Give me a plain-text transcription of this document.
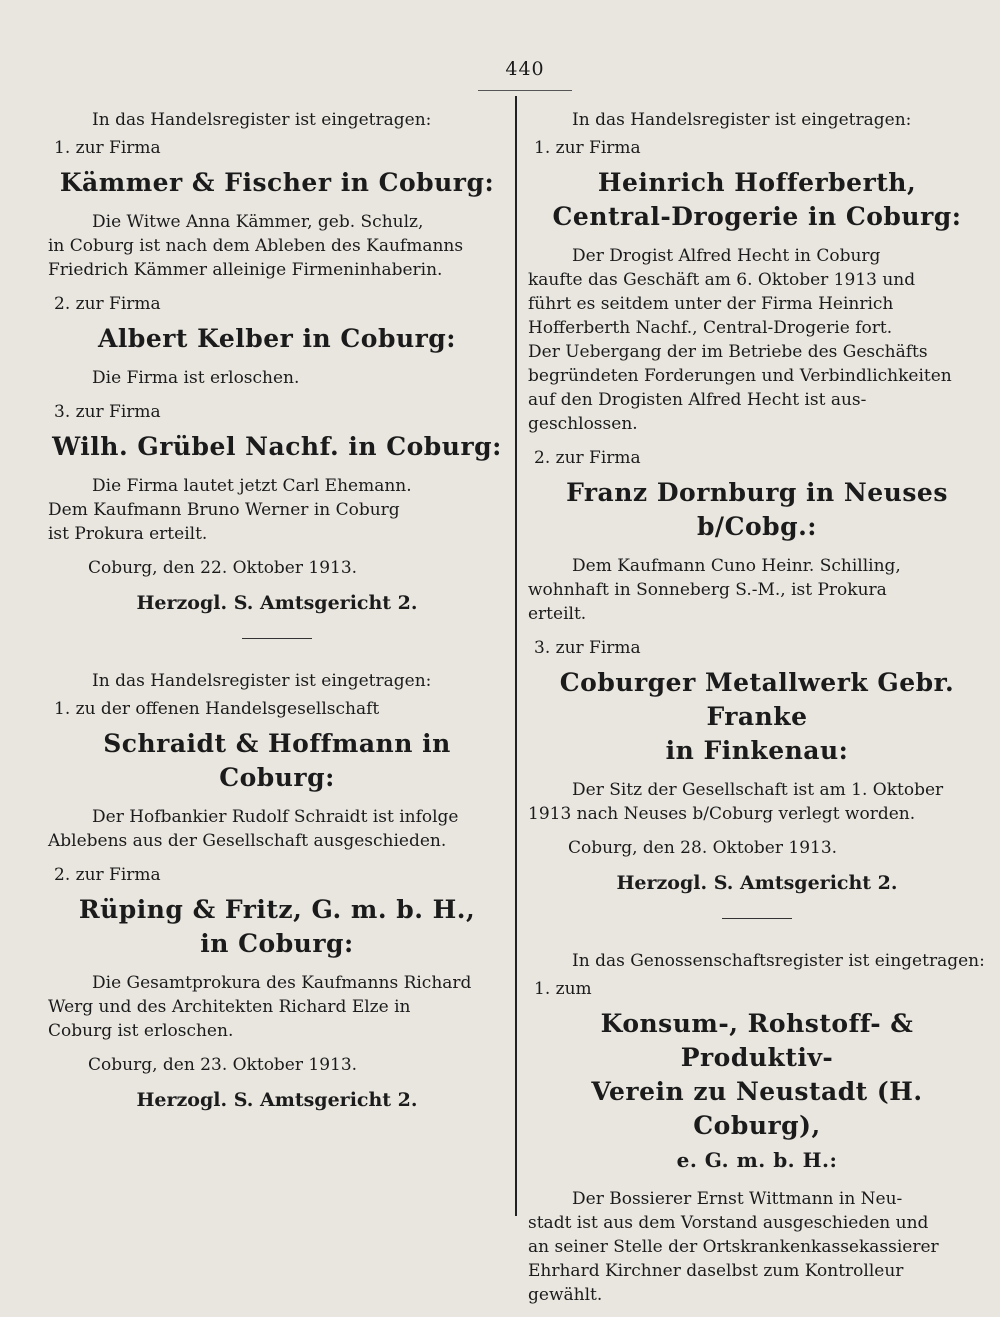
440
In das Handelsregister ist eingetragen:
1. zur Firma
Kämmer & Fischer in Coburg:
Die Witwe Anna Kämmer, geb. Schulz,
in Coburg ist nach dem Ableben des Kaufmanns
Friedrich Kämmer alleinige Firmeninhaberin.
2. zur Firma
Albert Kelber in Coburg:
Die Firma ist erloschen.
3. zur Firma
Wilh. Grübel Nachf. in Coburg:
Die Firma lautet jetzt Carl Ehemann.
Dem Kaufmann Bruno Werner in Coburg
ist Prokura erteilt.
Coburg, den 22. Oktober 1913.
Herzogl. S. Amtsgericht 2.
In das Handelsregister ist eingetragen:
1. zu der offenen Handelsgesellschaft
Schraidt & Hoffmann in Coburg:
Der Hofbankier Rudolf Schraidt ist infolge
Ablebens aus der Gesellschaft ausgeschieden.
2. zur Firma
Rüping & Fritz, G. m. b. H.,
in Coburg:
Die Gesamtprokura des Kaufmanns Richard
Werg und des Architekten Richard Elze in
Coburg ist erloschen.
Coburg, den 23. Oktober 1913.
Herzogl. S. Amtsgericht 2.
In das Handelsregister ist eingetragen:
1. zur Firma
Heinrich Hofferberth,
Central-Drogerie in Coburg:
Der Drogist Alfred Hecht in Coburg
kaufte das Geschäft am 6. Oktober 1913 und
führt es seitdem unter der Firma Heinrich
Hofferberth Nachf., Central-Drogerie fort.
Der Uebergang der im Betriebe des Geschäfts
begründeten Forderungen und Verbindlichkeiten
auf den Drogisten Alfred Hecht ist aus-
geschlossen.
2. zur Firma
Franz Dornburg in Neuses b/Cobg.:
Dem Kaufmann Cuno Heinr. Schilling,
wohnhaft in Sonneberg S.-M., ist Prokura
erteilt.
3. zur Firma
Coburger Metallwerk Gebr. Franke
in Finkenau:
Der Sitz der Gesellschaft ist am 1. Oktober
1913 nach Neuses b/Coburg verlegt worden.
Coburg, den 28. Oktober 1913.
Herzogl. S. Amtsgericht 2.
In das Genossenschaftsregister ist eingetragen:
1. zum
Konsum-, Rohstoff- & Produktiv-
Verein zu Neustadt (H. Coburg),
e. G. m. b. H.:
Der Bossierer Ernst Wittmann in Neu-
stadt ist aus dem Vorstand ausgeschieden und
an seiner Stelle der Ortskrankenkassekassierer
Ehrhard Kirchner daselbst zum Kontrolleur
gewählt.
